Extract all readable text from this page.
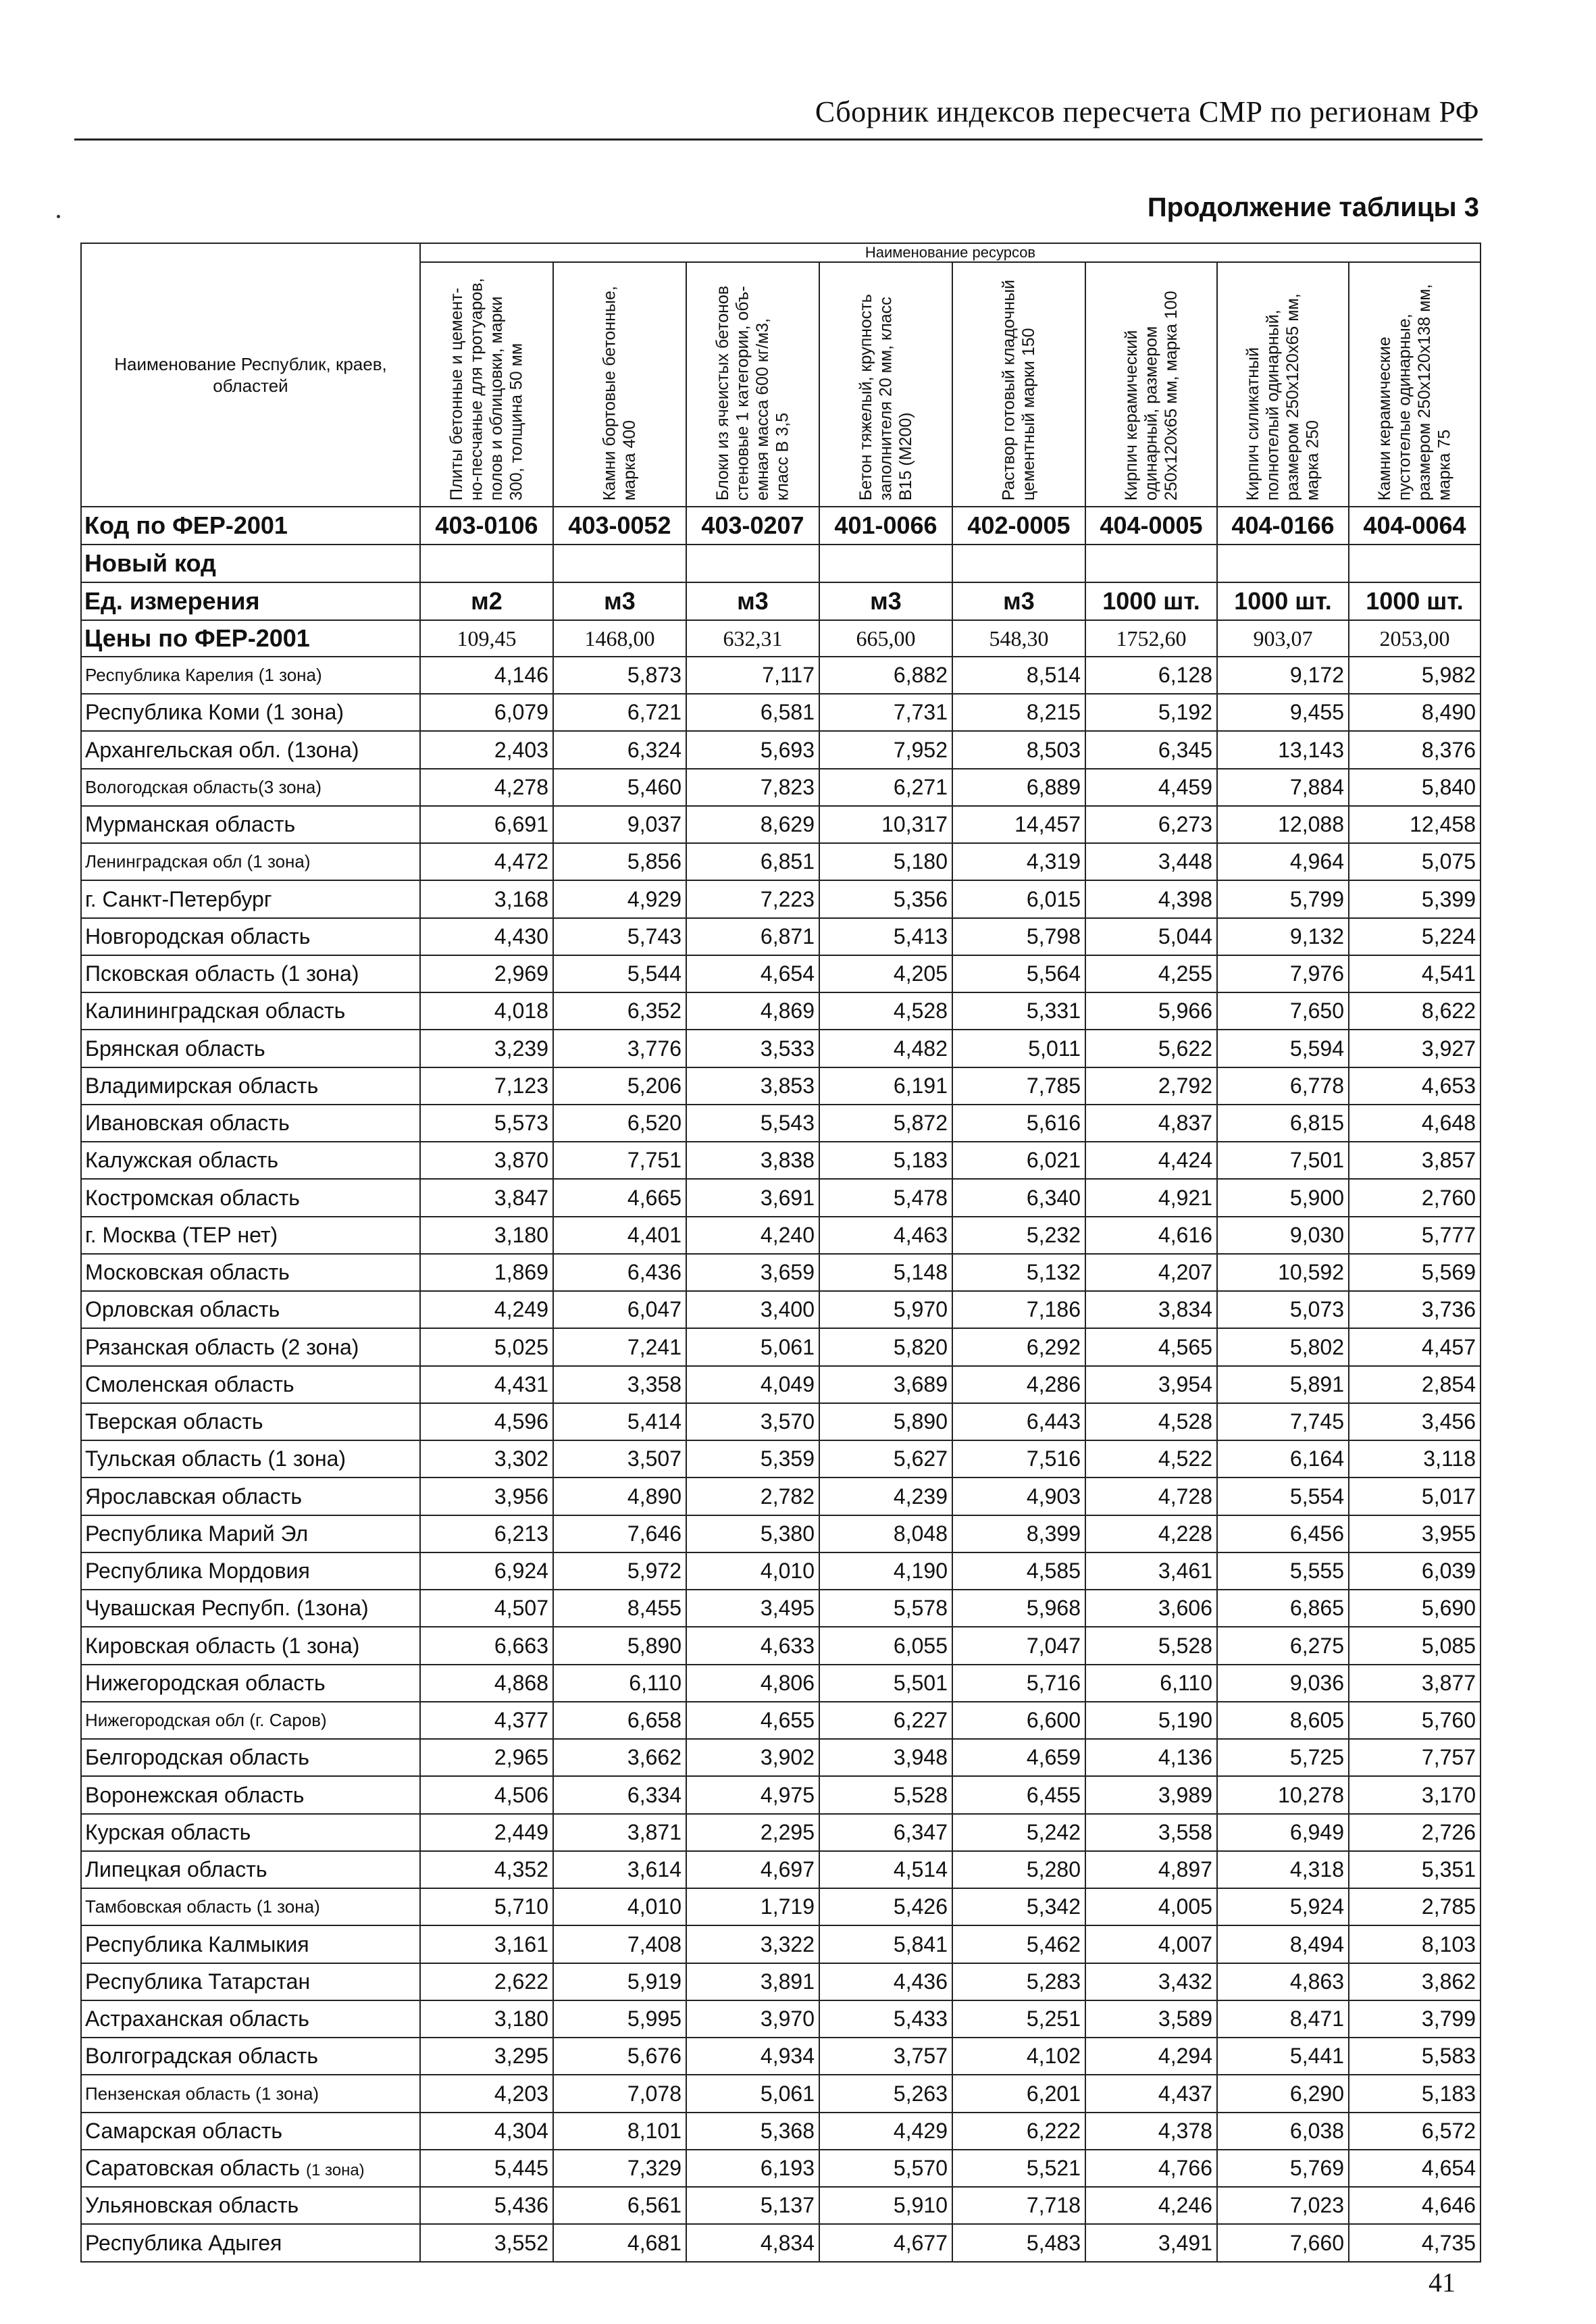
Сборник индексов пересчета СМР по регионам РФ
Продолжение таблицы 3
Наименование Республик, краев, областей	Наименование ресурсов							

	Плиты бетонные и цемент-но-песчаные для тротуаров, полов и облицовки, марки 300, толщина 50 мм	Камни бортовые бетонные, марка 400	Блоки из ячеистых бетонов стеновые 1 категории, объ-емная масса 600 кг/м3, класс В 3,5	Бетон тяжелый, крупность заполнителя 20 мм, класс В15 (М200)	Раствор готовый кладочный цементный марки 150	Кирпич керамический одинарный, размером 250х120х65 мм, марка 100	Кирпич силикатный полнотелый одинарный, размером 250х120х65 мм, марка 250	Камни керамические пустотелые одинарные, размером 250х120х138 мм, марка 75

Код по ФЕР-2001	403-0106	403-0052	403-0207	401-0066	402-0005	404-0005	404-0166	404-0064
Новый код								
Ед. измерения	м2	м3	м3	м3	м3	1000 шт.	1000 шт.	1000 шт.
Цены по ФЕР-2001	109,45	1468,00	632,31	665,00	548,30	1752,60	903,07	2053,00
Республика Карелия (1 зона)	4,146	5,873	7,117	6,882	8,514	6,128	9,172	5,982
Республика Коми (1 зона)	6,079	6,721	6,581	7,731	8,215	5,192	9,455	8,490
Архангельская обл. (1зона)	2,403	6,324	5,693	7,952	8,503	6,345	13,143	8,376
Вологодская область(3 зона)	4,278	5,460	7,823	6,271	6,889	4,459	7,884	5,840
Мурманская область	6,691	9,037	8,629	10,317	14,457	6,273	12,088	12,458
Ленинградская обл (1 зона)	4,472	5,856	6,851	5,180	4,319	3,448	4,964	5,075
г. Санкт-Петербург	3,168	4,929	7,223	5,356	6,015	4,398	5,799	5,399
Новгородская область	4,430	5,743	6,871	5,413	5,798	5,044	9,132	5,224
Псковская область (1 зона)	2,969	5,544	4,654	4,205	5,564	4,255	7,976	4,541
Калининградская область	4,018	6,352	4,869	4,528	5,331	5,966	7,650	8,622
Брянская область	3,239	3,776	3,533	4,482	5,011	5,622	5,594	3,927
Владимирская область	7,123	5,206	3,853	6,191	7,785	2,792	6,778	4,653
Ивановская область	5,573	6,520	5,543	5,872	5,616	4,837	6,815	4,648
Калужская область	3,870	7,751	3,838	5,183	6,021	4,424	7,501	3,857
Костромская область	3,847	4,665	3,691	5,478	6,340	4,921	5,900	2,760
г. Москва (ТЕР нет)	3,180	4,401	4,240	4,463	5,232	4,616	9,030	5,777
Московская область	1,869	6,436	3,659	5,148	5,132	4,207	10,592	5,569
Орловская область	4,249	6,047	3,400	5,970	7,186	3,834	5,073	3,736
Рязанская область (2 зона)	5,025	7,241	5,061	5,820	6,292	4,565	5,802	4,457
Смоленская область	4,431	3,358	4,049	3,689	4,286	3,954	5,891	2,854
Тверская область	4,596	5,414	3,570	5,890	6,443	4,528	7,745	3,456
Тульская область (1 зона)	3,302	3,507	5,359	5,627	7,516	4,522	6,164	3,118
Ярославская область	3,956	4,890	2,782	4,239	4,903	4,728	5,554	5,017
Республика Марий Эл	6,213	7,646	5,380	8,048	8,399	4,228	6,456	3,955
Республика Мордовия	6,924	5,972	4,010	4,190	4,585	3,461	5,555	6,039
Чувашская Респубп. (1зона)	4,507	8,455	3,495	5,578	5,968	3,606	6,865	5,690
Кировская область (1 зона)	6,663	5,890	4,633	6,055	7,047	5,528	6,275	5,085
Нижегородская область	4,868	6,110	4,806	5,501	5,716	6,110	9,036	3,877
Нижегородская обл (г. Саров)	4,377	6,658	4,655	6,227	6,600	5,190	8,605	5,760
Белгородская область	2,965	3,662	3,902	3,948	4,659	4,136	5,725	7,757
Воронежская область	4,506	6,334	4,975	5,528	6,455	3,989	10,278	3,170
Курская область	2,449	3,871	2,295	6,347	5,242	3,558	6,949	2,726
Липецкая область	4,352	3,614	4,697	4,514	5,280	4,897	4,318	5,351
Тамбовская область (1 зона)	5,710	4,010	1,719	5,426	5,342	4,005	5,924	2,785
Республика Калмыкия	3,161	7,408	3,322	5,841	5,462	4,007	8,494	8,103
Республика Татарстан	2,622	5,919	3,891	4,436	5,283	3,432	4,863	3,862
Астраханская область	3,180	5,995	3,970	5,433	5,251	3,589	8,471	3,799
Волгоградская область	3,295	5,676	4,934	3,757	4,102	4,294	5,441	5,583
Пензенская область (1 зона)	4,203	7,078	5,061	5,263	6,201	4,437	6,290	5,183
Самарская область	4,304	8,101	5,368	4,429	6,222	4,378	6,038	6,572
Саратовская область (1 зона)	5,445	7,329	6,193	5,570	5,521	4,766	5,769	4,654
Ульяновская область	5,436	6,561	5,137	5,910	7,718	4,246	7,023	4,646
Республика Адыгея	3,552	4,681	4,834	4,677	5,483	3,491	7,660	4,735
41
